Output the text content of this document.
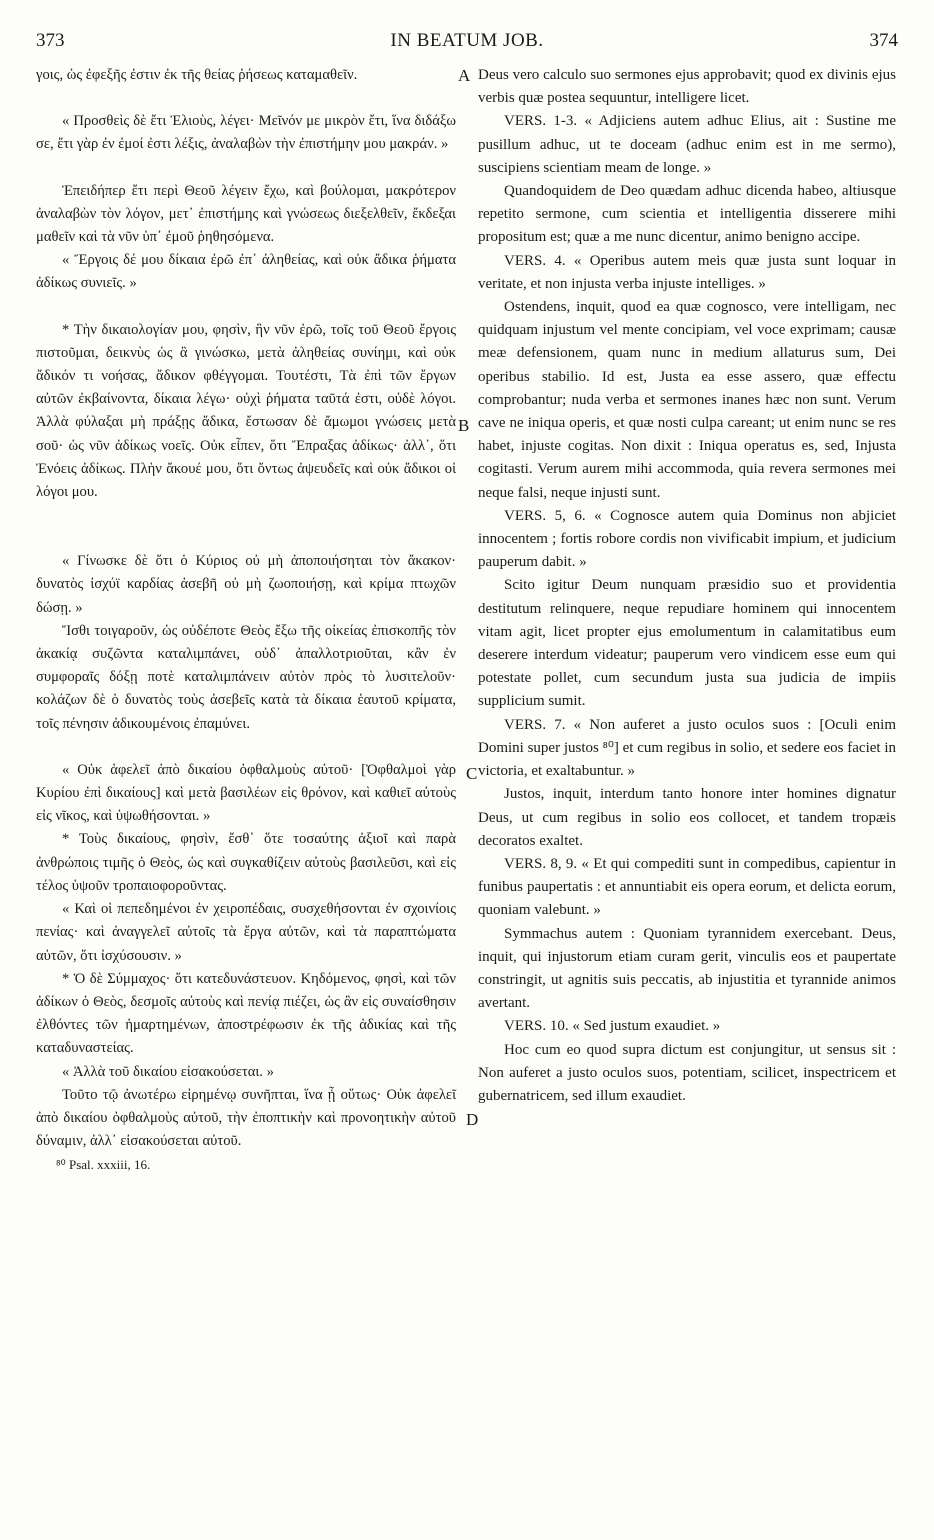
373	IN BEATUM JOB.	374
A
B
C
D

γοις, ὡς ἐφεξῆς ἐστιν ἐκ τῆς θείας ῥήσεως καταμαθεῖν.

« Προσθεὶς δὲ ἔτι Ἐλιοὺς, λέγει· Μεῖνόν με μικρὸν ἔτι, ἵνα διδάξω σε, ἔτι γὰρ ἐν ἐμοί ἐστι λέξις, ἀναλαβὼν τὴν ἐπιστήμην μου μακράν. »

Ἐπειδήπερ ἔτι περὶ Θεοῦ λέγειν ἔχω, καὶ βούλομαι, μακρότερον ἀναλαβὼν τὸν λόγον, μετ᾽ ἐπιστήμης καὶ γνώσεως διεξελθεῖν, ἔκδεξαι μαθεῖν καὶ τὰ νῦν ὑπ᾽ ἐμοῦ ῥηθησόμενα.

« Ἔργοις δέ μου δίκαια ἐρῶ ἐπ᾽ ἀληθείας, καὶ οὐκ ἄδικα ῥήματα ἀδίκως συνιεῖς. »

* Τὴν δικαιολογίαν μου, φησὶν, ἣν νῦν ἐρῶ, τοῖς τοῦ Θεοῦ ἔργοις πιστοῦμαι, δεικνὺς ὡς ἃ γινώσκω, μετὰ ἀληθείας συνίημι, καὶ οὐκ ἄδικόν τι νοήσας, ἄδικον φθέγγομαι. Τουτέστι, Τὰ ἐπὶ τῶν ἔργων αὐτῶν ἐκβαίνοντα, δίκαια λέγω· οὐχὶ ῥήματα ταῦτά ἐστι, οὐδὲ λόγοι. Ἀλλὰ φύλαξαι μὴ πράξῃς ἄδικα, ἔστωσαν δὲ ἄμωμοι γνώσεις μετὰ σοῦ· ὡς νῦν ἀδίκως νοεῖς. Οὐκ εἶπεν, ὅτι Ἔπραξας ἀδίκως· ἀλλ᾽, ὅτι Ἐνόεις ἀδίκως. Πλὴν ἄκουέ μου, ὅτι ὄντως ἀψευδεῖς καὶ οὐκ ἄδικοι οἱ λόγοι μου.

« Γίνωσκε δὲ ὅτι ὁ Κύριος οὐ μὴ ἀποποιήσηται τὸν ἄκακον· δυνατὸς ἰσχύϊ καρδίας ἀσεβῆ οὐ μὴ ζωοποιήσῃ, καὶ κρίμα πτωχῶν δώσῃ. »

Ἴσθι τοιγαροῦν, ὡς οὐδέποτε Θεὸς ἔξω τῆς οἰκείας ἐπισκοπῆς τὸν ἀκακίᾳ συζῶντα καταλιμπάνει, οὐδ᾽ ἀπαλλοτριοῦται, κἂν ἐν συμφοραῖς δόξῃ ποτὲ καταλιμπάνειν αὐτὸν πρὸς τὸ λυσιτελοῦν· κολάζων δὲ ὁ δυνατὸς τοὺς ἀσεβεῖς κατὰ τὰ δίκαια ἑαυτοῦ κρίματα, τοῖς πένησιν ἀδικουμένοις ἐπαμύνει.

« Οὐκ ἀφελεῖ ἀπὸ δικαίου ὀφθαλμοὺς αὐτοῦ· [Ὀφθαλμοὶ γὰρ Κυρίου ἐπὶ δικαίους] καὶ μετὰ βασιλέων εἰς θρόνον, καὶ καθιεῖ αὐτοὺς εἰς νῖκος, καὶ ὑψωθήσονται. »

* Τοὺς δικαίους, φησὶν, ἔσθ᾽ ὅτε τοσαύτης ἀξιοῖ καὶ παρὰ ἀνθρώποις τιμῆς ὁ Θεὸς, ὡς καὶ συγκαθίζειν αὐτοὺς βασιλεῦσι, καὶ εἰς τέλος ὑψοῦν τροπαιοφοροῦντας.

« Καὶ οἱ πεπεδημένοι ἐν χειροπέδαις, συσχεθήσονται ἐν σχοινίοις πενίας· καὶ ἀναγγελεῖ αὐτοῖς τὰ ἔργα αὐτῶν, καὶ τὰ παραπτώματα αὐτῶν, ὅτι ἰσχύσουσιν. »

* Ὁ δὲ Σύμμαχος· ὅτι κατεδυνάστευον. Κηδόμενος, φησὶ, καὶ τῶν ἀδίκων ὁ Θεὸς, δεσμοῖς αὐτοὺς καὶ πενίᾳ πιέζει, ὡς ἂν εἰς συναίσθησιν ἐλθόντες τῶν ἡμαρτημένων, ἀποστρέφωσιν ἐκ τῆς ἀδικίας καὶ τῆς καταδυναστείας.

« Ἀλλὰ τοῦ δικαίου εἰσακούσεται. »

Τοῦτο τῷ ἀνωτέρω εἰρημένῳ συνῆπται, ἵνα ᾖ οὕτως· Οὐκ ἀφελεῖ ἀπὸ δικαίου ὀφθαλμοὺς αὐτοῦ, τὴν ἐποπτικὴν καὶ προνοητικὴν αὐτοῦ δύναμιν, ἀλλ᾽ εἰσακούσεται αὐτοῦ.

⁸⁰ Psal. xxxiii, 16.

Deus vero calculo suo sermones ejus approbavit; quod ex divinis ejus verbis quæ postea sequuntur, intelligere licet.

VERS. 1-3. « Adjiciens autem adhuc Elius, ait : Sustine me pusillum adhuc, ut te doceam (adhuc enim est in me sermo), suscipiens scientiam meam de longe. »

Quandoquidem de Deo quædam adhuc dicenda habeo, altiusque repetito sermone, cum scientia et intelligentia disserere mihi propositum est; quæ a me nunc dicentur, animo benigno accipe.

VERS. 4. « Operibus autem meis quæ justa sunt loquar in veritate, et non injusta verba injuste intelliges. »

Ostendens, inquit, quod ea quæ cognosco, vere intelligam, nec quidquam injustum vel mente concipiam, vel voce exprimam; causæ meæ defensionem, quam nunc in medium allaturus sum, Dei operibus stabilio. Id est, Justa ea esse assero, quæ effectu comprobantur; nuda verba et sermones inanes hæc non sunt. Verum cave ne iniqua operis, et quæ nosti culpa careant; ut enim nunc se res habet, injuste cogitas. Non dixit : Iniqua operatus es, sed, Injusta cogitasti. Verum aurem mihi accommoda, quia revera sermones mei neque falsi, neque injusti sunt.

VERS. 5, 6. « Cognosce autem quia Dominus non abjiciet innocentem ; fortis robore cordis non vivificabit impium, et judicium pauperum dabit. »

Scito igitur Deum nunquam præsidio suo et providentia destitutum relinquere, neque repudiare hominem qui innocentem vitam agit, licet propter ejus emolumentum in calamitatibus eum deserere interdum videatur; pauperum vero vindicem esse eum qui potestate pollet, cum secundum justa sua judicia de impiis supplicium sumit.

VERS. 7. « Non auferet a justo oculos suos : [Oculi enim Domini super justos ⁸⁰] et cum regibus in solio, et sedere eos faciet in victoria, et exaltabuntur. »

Justos, inquit, interdum tanto honore inter homines dignatur Deus, ut cum regibus in solio eos collocet, et tandem tropæis decoratos exaltet.

VERS. 8, 9. « Et qui compediti sunt in compedibus, capientur in funibus paupertatis : et annuntiabit eis opera eorum, et delicta eorum, quoniam valebunt. »

Symmachus autem : Quoniam tyrannidem exercebant. Deus, inquit, qui injustorum etiam curam gerit, vinculis eos et paupertate constringit, ut agnitis suis peccatis, ab injustitia et tyrannide animos avertant.

VERS. 10. « Sed justum exaudiet. »

Hoc cum eo quod supra dictum est conjungitur, ut sensus sit : Non auferet a justo oculos suos, potentiam, scilicet, inspectricem et gubernatricem, sed illum exaudiet.
